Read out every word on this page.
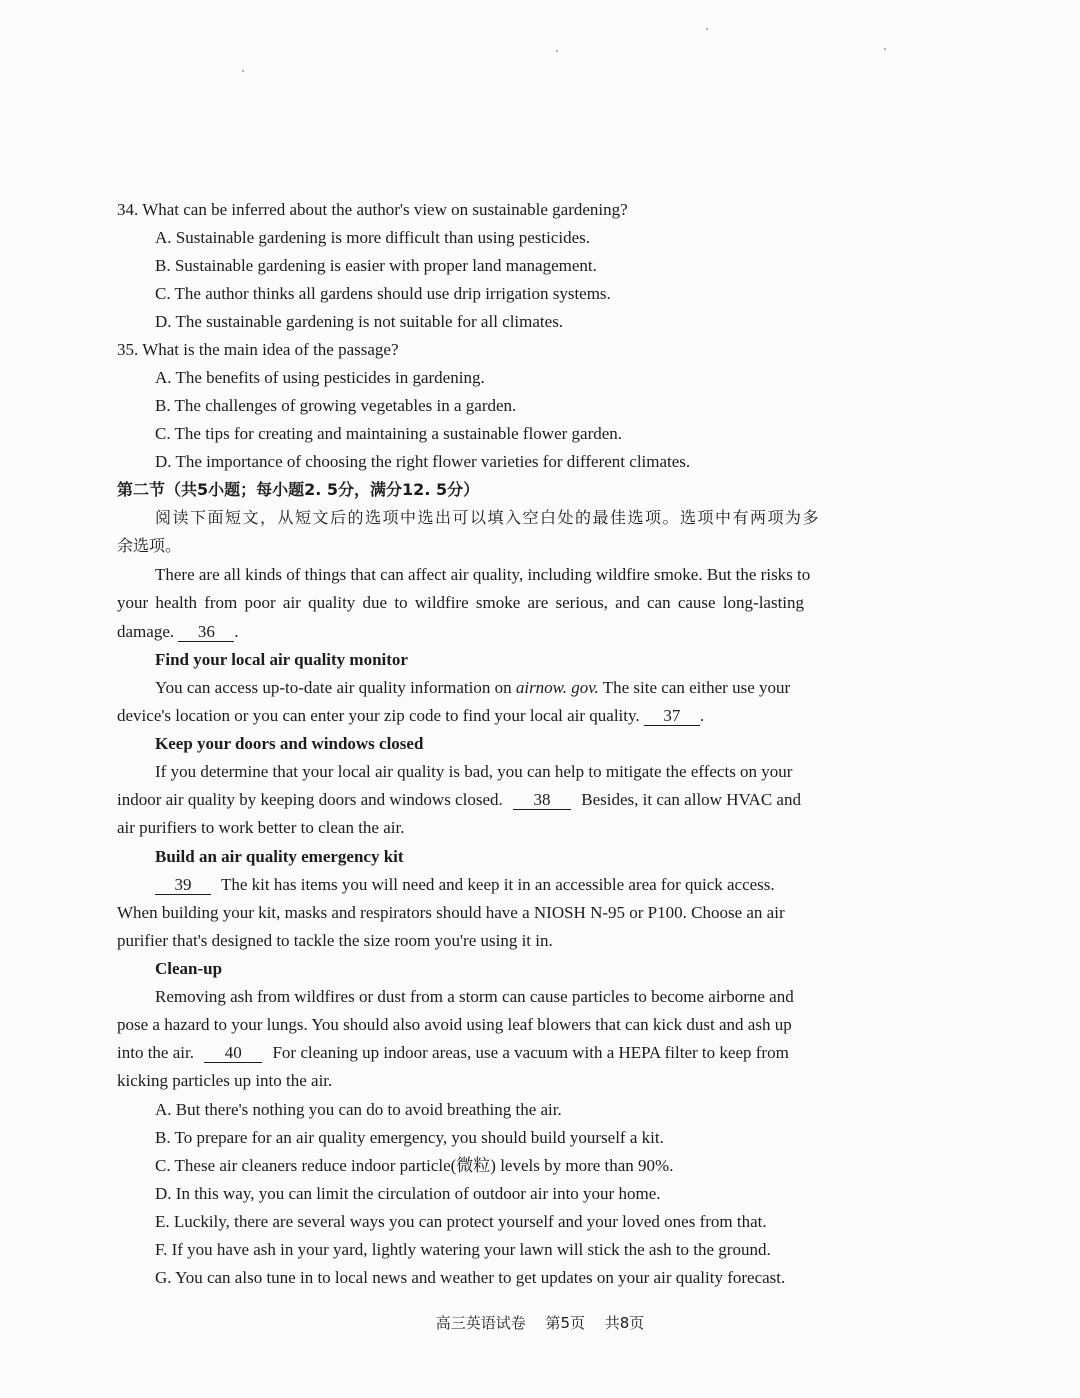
34. What can be inferred about the author's view on sustainable gardening?
A. Sustainable gardening is more difficult than using pesticides.
B. Sustainable gardening is easier with proper land management.
C. The author thinks all gardens should use drip irrigation systems.
D. The sustainable gardening is not suitable for all climates.
35. What is the main idea of the passage?
A. The benefits of using pesticides in gardening.
B. The challenges of growing vegetables in a garden.
C. The tips for creating and maintaining a sustainable flower garden.
D. The importance of choosing the right flower varieties for different climates.
第二节（共5小题；每小题2. 5分，满分12. 5分）
阅读下面短文，从短文后的选项中选出可以填入空白处的最佳选项。选项中有两项为多
余选项。
There are all kinds of things that can affect air quality, including wildfire smoke. But the risks to
your health from poor air quality due to wildfire smoke are serious, and can cause long-lasting
damage. 36 .
Find your local air quality monitor
You can access up-to-date air quality information on airnow. gov. The site can either use your
device's location or you can enter your zip code to find your local air quality. 37 .
Keep your doors and windows closed
If you determine that your local air quality is bad, you can help to mitigate the effects on your
indoor air quality by keeping doors and windows closed. 38 Besides, it can allow HVAC and
air purifiers to work better to clean the air.
Build an air quality emergency kit
39 The kit has items you will need and keep it in an accessible area for quick access.
When building your kit, masks and respirators should have a NIOSH N-95 or P100. Choose an air
purifier that's designed to tackle the size room you're using it in.
Clean-up
Removing ash from wildfires or dust from a storm can cause particles to become airborne and
pose a hazard to your lungs. You should also avoid using leaf blowers that can kick dust and ash up
into the air. 40 For cleaning up indoor areas, use a vacuum with a HEPA filter to keep from
kicking particles up into the air.
A. But there's nothing you can do to avoid breathing the air.
B. To prepare for an air quality emergency, you should build yourself a kit.
C. These air cleaners reduce indoor particle(微粒) levels by more than 90%.
D. In this way, you can limit the circulation of outdoor air into your home.
E. Luckily, there are several ways you can protect yourself and your loved ones from that.
F. If you have ash in your yard, lightly watering your lawn will stick the ash to the ground.
G. You can also tune in to local news and weather to get updates on your air quality forecast.
高三英语试卷 第5页 共8页
